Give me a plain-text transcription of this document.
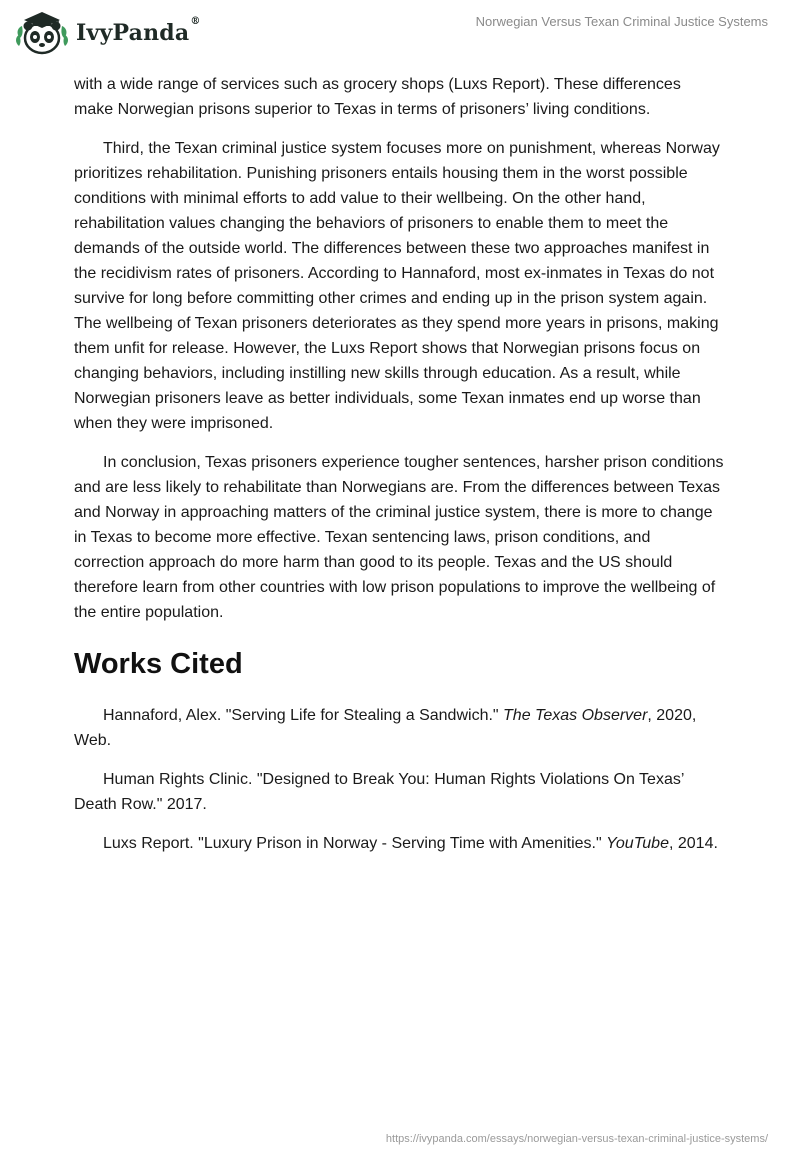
IvyPanda®	Norwegian Versus Texan Criminal Justice Systems

with a wide range of services such as grocery shops (Luxs Report). These differences make Norwegian prisons superior to Texas in terms of prisoners’ living conditions.

Third, the Texan criminal justice system focuses more on punishment, whereas Norway prioritizes rehabilitation. Punishing prisoners entails housing them in the worst possible conditions with minimal efforts to add value to their wellbeing. On the other hand, rehabilitation values changing the behaviors of prisoners to enable them to meet the demands of the outside world. The differences between these two approaches manifest in the recidivism rates of prisoners. According to Hannaford, most ex-inmates in Texas do not survive for long before committing other crimes and ending up in the prison system again. The wellbeing of Texan prisoners deteriorates as they spend more years in prisons, making them unfit for release. However, the Luxs Report shows that Norwegian prisons focus on changing behaviors, including instilling new skills through education. As a result, while Norwegian prisoners leave as better individuals, some Texan inmates end up worse than when they were imprisoned.

In conclusion, Texas prisoners experience tougher sentences, harsher prison conditions and are less likely to rehabilitate than Norwegians are. From the differences between Texas and Norway in approaching matters of the criminal justice system, there is more to change in Texas to become more effective. Texan sentencing laws, prison conditions, and correction approach do more harm than good to its people. Texas and the US should therefore learn from other countries with low prison populations to improve the wellbeing of the entire population.

Works Cited

Hannaford, Alex. "Serving Life for Stealing a Sandwich." The Texas Observer, 2020, Web.

Human Rights Clinic. "Designed to Break You: Human Rights Violations On Texas’ Death Row." 2017.

Luxs Report. "Luxury Prison in Norway - Serving Time with Amenities." YouTube, 2014.

https://ivypanda.com/essays/norwegian-versus-texan-criminal-justice-systems/
